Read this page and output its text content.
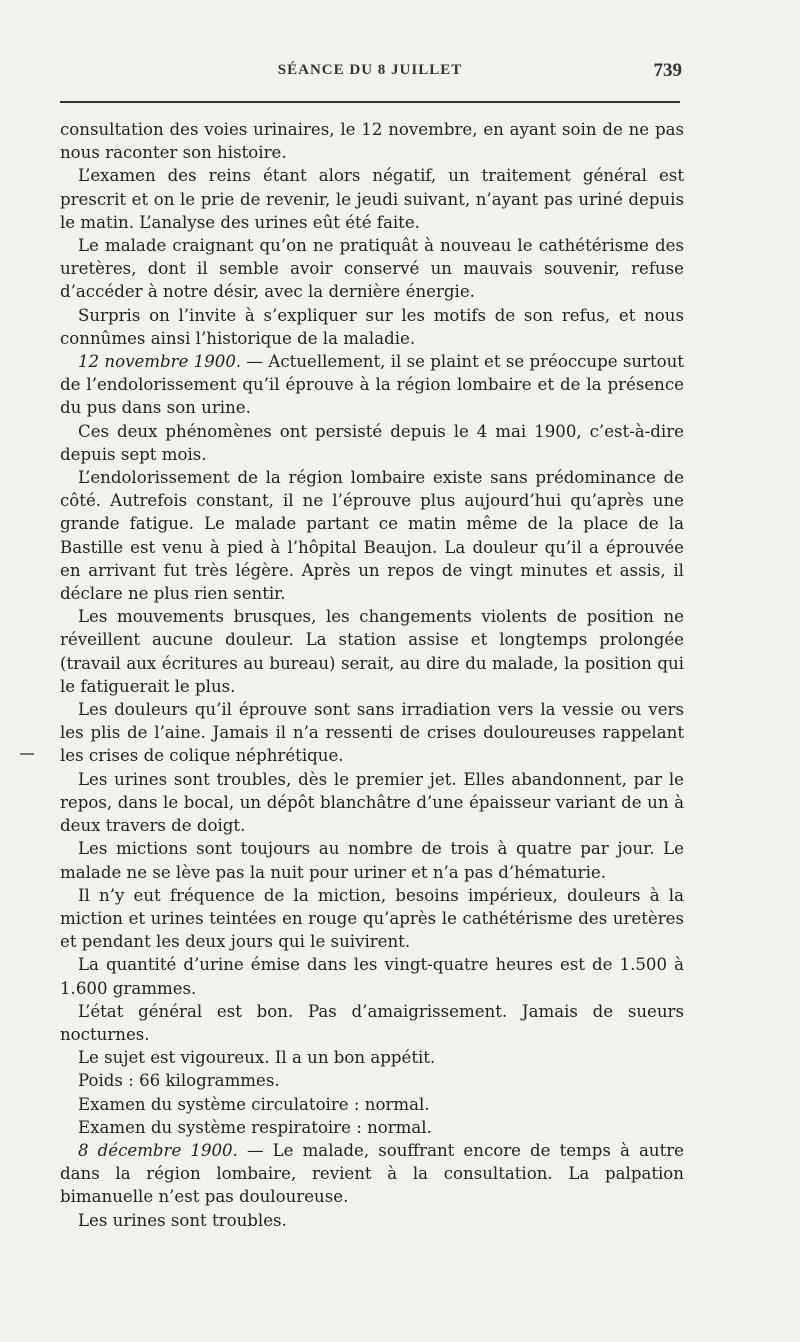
SÉANCE DU 8 JUILLET	739

consultation des voies urinaires, le 12 novembre, en ayant soin de ne pas nous raconter son histoire.

L’examen des reins étant alors négatif, un traitement général est prescrit et on le prie de revenir, le jeudi suivant, n’ayant pas uriné depuis le matin. L’analyse des urines eût été faite.

Le malade craignant qu’on ne pratiquât à nouveau le cathétérisme des uretères, dont il semble avoir conservé un mauvais souvenir, refuse d’accéder à notre désir, avec la dernière énergie.

Surpris on l’invite à s’expliquer sur les motifs de son refus, et nous connûmes ainsi l’historique de la maladie.

12 novembre 1900. — Actuellement, il se plaint et se préoccupe surtout de l’endolorissement qu’il éprouve à la région lombaire et de la présence du pus dans son urine.

Ces deux phénomènes ont persisté depuis le 4 mai 1900, c’est-à-dire depuis sept mois.

L’endolorissement de la région lombaire existe sans prédominance de côté. Autrefois constant, il ne l’éprouve plus aujourd’hui qu’après une grande fatigue. Le malade partant ce matin même de la place de la Bastille est venu à pied à l’hôpital Beaujon. La douleur qu’il a éprouvée en arrivant fut très légère. Après un repos de vingt minutes et assis, il déclare ne plus rien sentir.

Les mouvements brusques, les changements violents de position ne réveillent aucune douleur. La station assise et longtemps prolongée (travail aux écritures au bureau) serait, au dire du malade, la position qui le fatiguerait le plus.

Les douleurs qu’il éprouve sont sans irradiation vers la vessie ou vers les plis de l’aine. Jamais il n’a ressenti de crises douloureuses rappelant les crises de colique néphrétique.

Les urines sont troubles, dès le premier jet. Elles abandonnent, par le repos, dans le bocal, un dépôt blanchâtre d’une épaisseur variant de un à deux travers de doigt.

Les mictions sont toujours au nombre de trois à quatre par jour. Le malade ne se lève pas la nuit pour uriner et n’a pas d’hématurie.

Il n’y eut fréquence de la miction, besoins impérieux, douleurs à la miction et urines teintées en rouge qu’après le cathétérisme des uretères et pendant les deux jours qui le suivirent.

La quantité d’urine émise dans les vingt-quatre heures est de 1.500 à 1.600 grammes.

L’état général est bon. Pas d’amaigrissement. Jamais de sueurs nocturnes.

Le sujet est vigoureux. Il a un bon appétit.

Poids : 66 kilogrammes.

Examen du système circulatoire : normal.

Examen du système respiratoire : normal.

8 décembre 1900. — Le malade, souffrant encore de temps à autre dans la région lombaire, revient à la consultation. La palpation bimanuelle n’est pas douloureuse.

Les urines sont troubles.
